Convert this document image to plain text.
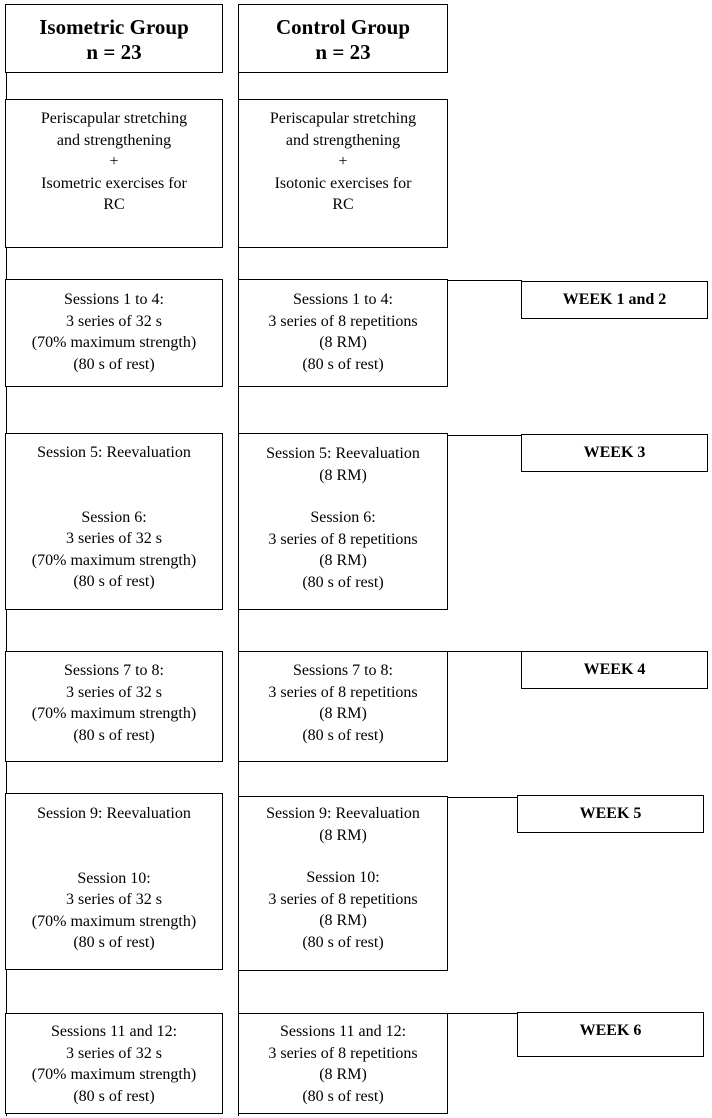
Isometric Group
n = 23
Control Group
n = 23
Periscapular stretching
and strengthening
+
Isometric exercises for
RC
Periscapular stretching
and strengthening
+
Isotonic exercises for
RC
Sessions 1 to 4:
3 series of 32 s
(70% maximum strength)
(80 s of rest)
Sessions 1 to 4:
3 series of 8 repetitions
(8 RM)
(80 s of rest)
Session 5: Reevaluation
Session 6:
3 series of 32 s
(70% maximum strength)
(80 s of rest)
Session 5: Reevaluation
(8 RM)
Session 6:
3 series of 8 repetitions
(8 RM)
(80 s of rest)
Sessions 7 to 8:
3 series of 32 s
(70% maximum strength)
(80 s of rest)
Sessions 7 to 8:
3 series of 8 repetitions
(8 RM)
(80 s of rest)
Session 9: Reevaluation
Session 10:
3 series of 32 s
(70% maximum strength)
(80 s of rest)
Session 9: Reevaluation
(8 RM)
Session 10:
3 series of 8 repetitions
(8 RM)
(80 s of rest)
Sessions 11 and 12:
3 series of 32 s
(70% maximum strength)
(80 s of rest)
Sessions 11 and 12:
3 series of 8 repetitions
(8 RM)
(80 s of rest)
WEEK 1 and 2
WEEK 3
WEEK 4
WEEK 5
WEEK 6
